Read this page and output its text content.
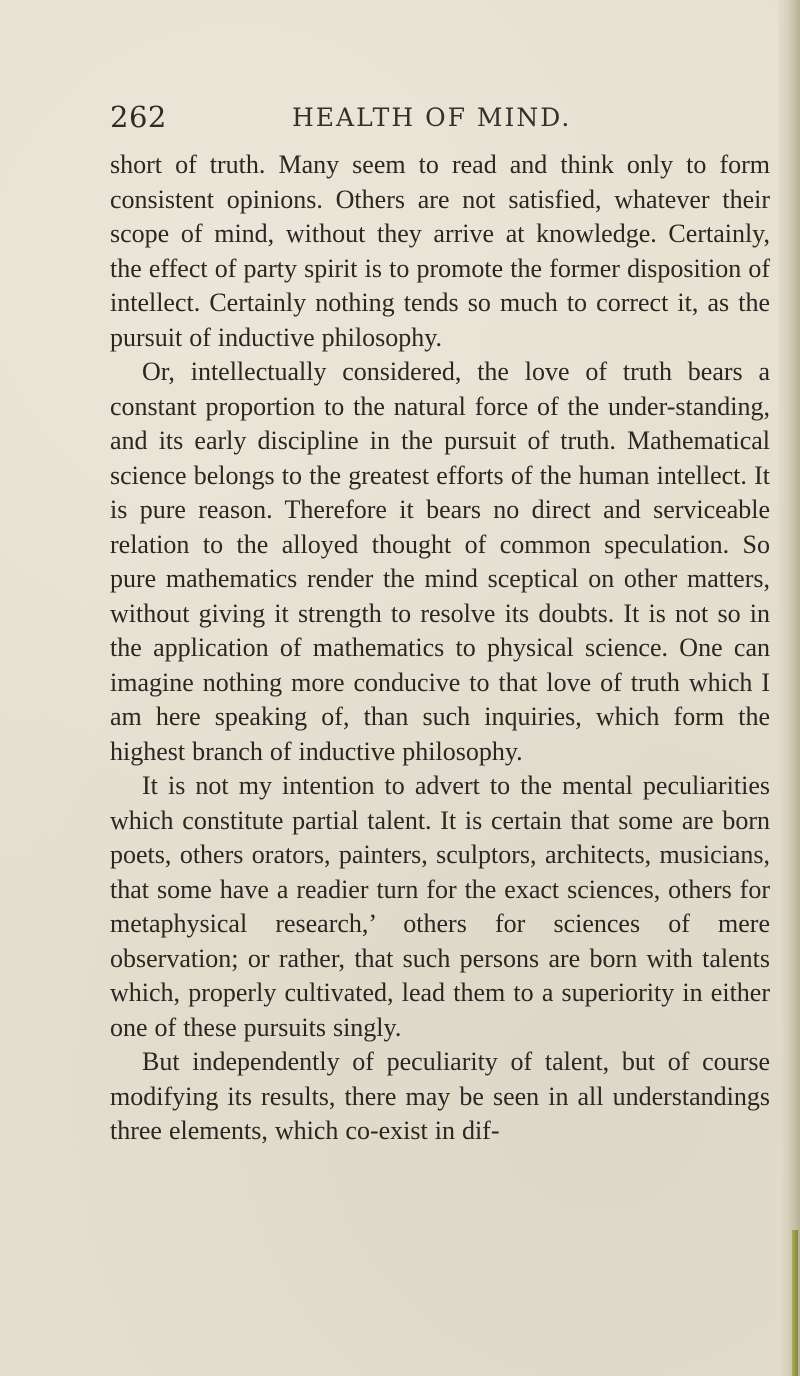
262	HEALTH OF MIND.

short of truth. Many seem to read and think only to form consistent opinions. Others are not satisfied, whatever their scope of mind, without they arrive at knowledge. Certainly, the effect of party spirit is to promote the former disposition of intellect. Certainly nothing tends so much to correct it, as the pursuit of inductive philosophy.

Or, intellectually considered, the love of truth bears a constant proportion to the natural force of the under-standing, and its early discipline in the pursuit of truth. Mathematical science belongs to the greatest efforts of the human intellect. It is pure reason. Therefore it bears no direct and serviceable relation to the alloyed thought of common speculation. So pure mathematics render the mind sceptical on other matters, without giving it strength to resolve its doubts. It is not so in the application of mathematics to physical science. One can imagine nothing more conducive to that love of truth which I am here speaking of, than such inquiries, which form the highest branch of inductive philosophy.

It is not my intention to advert to the mental peculiarities which constitute partial talent. It is certain that some are born poets, others orators, painters, sculptors, architects, musicians, that some have a readier turn for the exact sciences, others for metaphysical research,’ others for sciences of mere observation; or rather, that such persons are born with talents which, properly cultivated, lead them to a superiority in either one of these pursuits singly.

But independently of peculiarity of talent, but of course modifying its results, there may be seen in all understandings three elements, which co-exist in dif-
